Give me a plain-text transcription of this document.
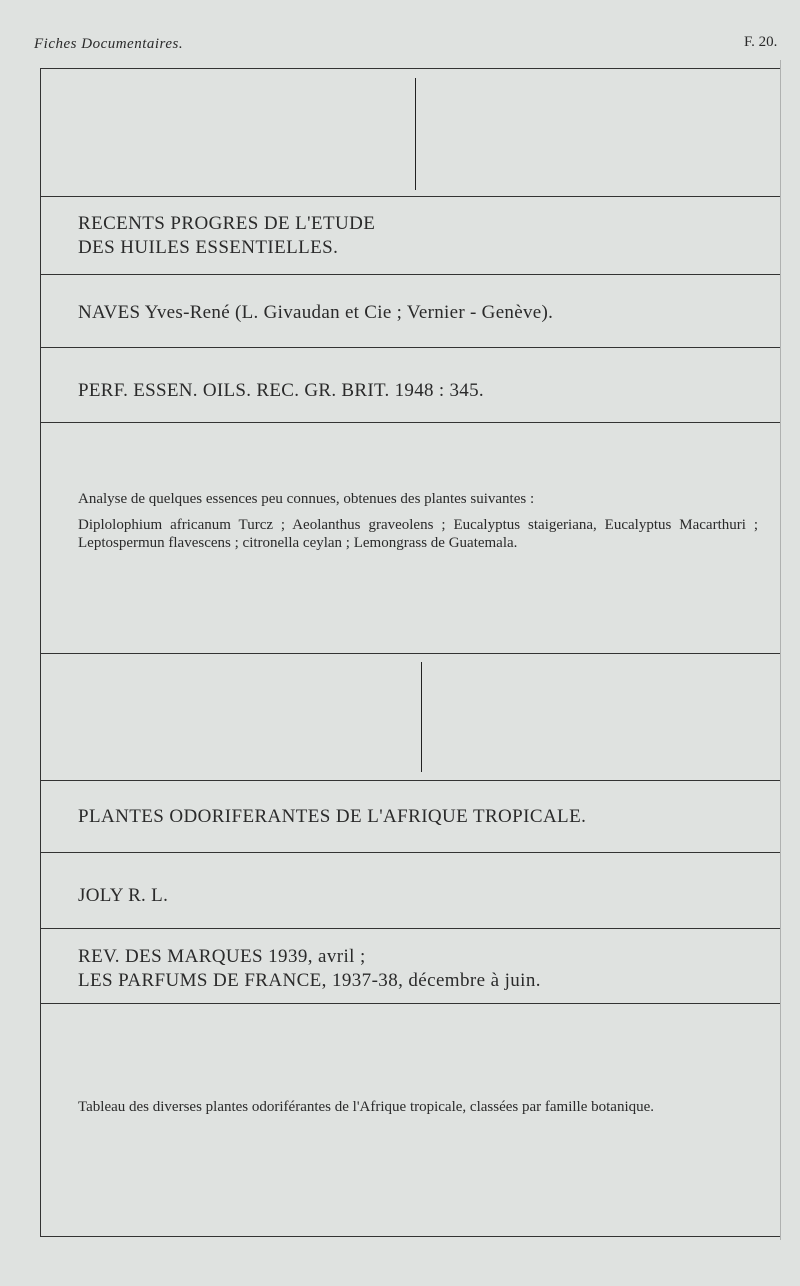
Fiches Documentaires.	F. 20.
RECENTS PROGRES DE L'ETUDE
DES HUILES ESSENTIELLES.
NAVES Yves-René (L. Givaudan et Cie ; Vernier - Genève).
PERF. ESSEN. OILS. REC. GR. BRIT. 1948 : 345.

Analyse de quelques essences peu connues, obtenues des plantes suivantes :

Diplolophium africanum Turcz ; Aeolanthus graveolens ; Eucalyptus staigeriana, Eucalyptus Macarthuri ; Leptospermun flavescens ; citronella ceylan ; Lemongrass de Guatemala.

PLANTES ODORIFERANTES DE L'AFRIQUE TROPICALE.
JOLY R. L.
REV. DES MARQUES 1939, avril ;
LES PARFUMS DE FRANCE, 1937-38, décembre à juin.
Tableau des diverses plantes odoriférantes de l'Afrique tropicale, classées par famille botanique.
